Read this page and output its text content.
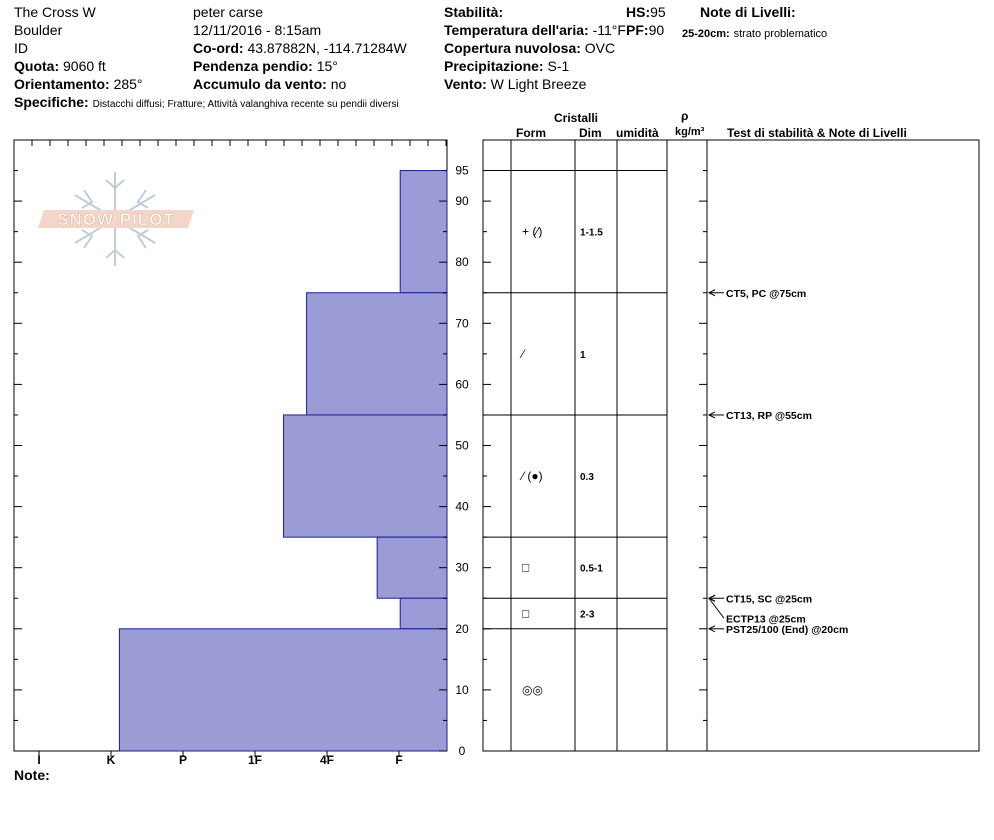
The Cross W
Boulder
ID
Quota: 9060 ft
Orientamento: 285°
Specifiche: Distacchi diffusi; Fratture; Attività valanghiva recente su pendii diversi
peter carse
12/11/2016 - 8:15am
Co-ord: 43.87882N, -114.71284W
Pendenza pendio: 15°
Accumulo da vento: no
Stabilità:
Temperatura dell'aria: -11°F
Copertura nuvolosa: OVC
Precipitazione: S-1
Vento: W Light Breeze
HS:95
PF:90
Note di Livelli:
25-20cm: strato problematico
Cristalli
Form	Dim umidità
ρ
kg/m³ Test di stabilità & Note di Livelli
+ (⁄)	1-1.5
⁄	1
⁄ (●)	0.3
□	0.5-1
□	2-3
◎◎
0
10
20
30
40
50
60
70
80
90
95
I	K	P	1F	4F	F
CT5, PC @75cm
CT13, RP @55cm
CT15, SC @25cm
ECTP13 @25cm
PST25/100 (End) @20cm
SNOW PILOT
Note:
